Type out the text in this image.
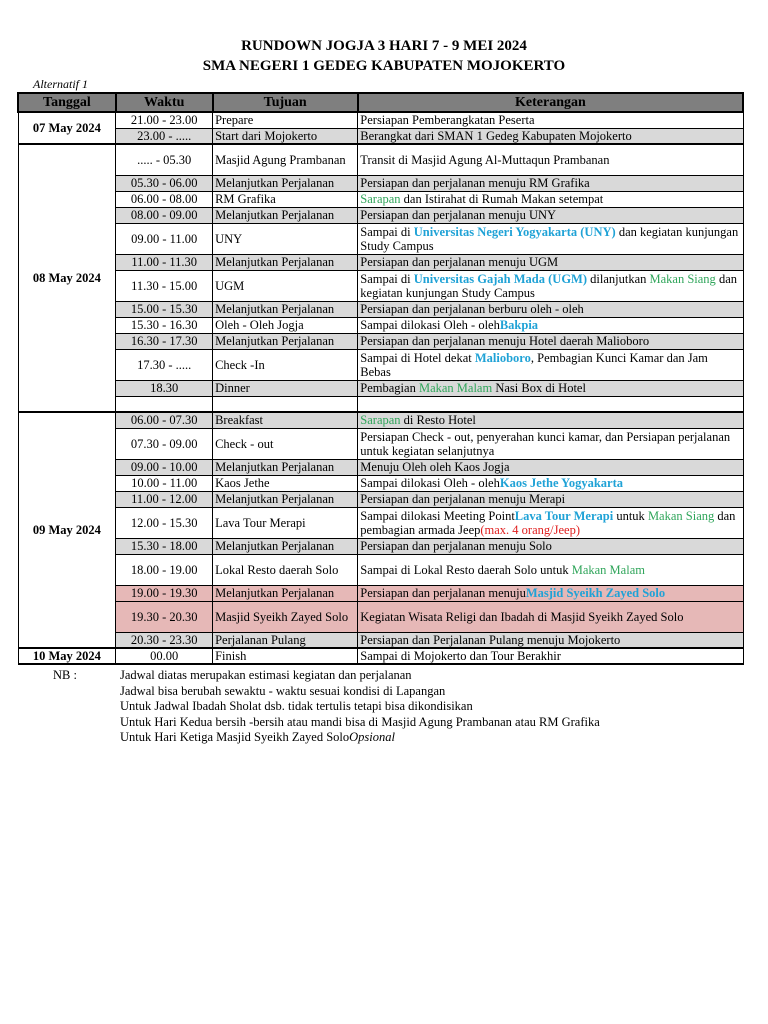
RUNDOWN JOGJA 3 HARI 7 - 9 MEI 2024
SMA NEGERI 1 GEDEG KABUPATEN MOJOKERTO
Alternatif 1
Tanggal	Waktu	Tujuan	Keterangan
07 May 2024	21.00 - 23.00	Prepare	Persiapan Pemberangkatan Peserta
	23.00 - .....	Start dari Mojokerto	Berangkat dari SMAN 1 Gedeg Kabupaten Mojokerto
08 May 2024	..... - 05.30	Masjid Agung Prambanan	Transit di Masjid Agung Al-Muttaqun Prambanan
	05.30 - 06.00	Melanjutkan Perjalanan	Persiapan dan perjalanan menuju RM Grafika
	06.00 - 08.00	RM Grafika	Sarapan dan Istirahat di Rumah Makan setempat
	08.00 - 09.00	Melanjutkan Perjalanan	Persiapan dan perjalanan menuju UNY
	09.00 - 11.00	UNY	Sampai di Universitas Negeri Yogyakarta (UNY) dan kegiatan kunjungan Study Campus
	11.00 - 11.30	Melanjutkan Perjalanan	Persiapan dan perjalanan menuju UGM
	11.30 - 15.00	UGM	Sampai di Universitas Gajah Mada (UGM) dilanjutkan Makan Siang dan kegiatan kunjungan Study Campus
	15.00 - 15.30	Melanjutkan Perjalanan	Persiapan dan perjalanan berburu oleh - oleh
	15.30 - 16.30	Oleh - Oleh Jogja	Sampai dilokasi Oleh - olehBakpia
	16.30 - 17.30	Melanjutkan Perjalanan	Persiapan dan perjalanan menuju Hotel daerah Malioboro
	17.30 - .....	Check -In	Sampai di Hotel dekat Malioboro, Pembagian Kunci Kamar dan Jam Bebas
	18.30	Dinner	Pembagian Makan Malam Nasi Box di Hotel

09 May 2024	06.00 - 07.30	Breakfast	Sarapan di Resto Hotel
	07.30 - 09.00	Check - out	Persiapan Check - out, penyerahan kunci kamar, dan Persiapan perjalanan untuk kegiatan selanjutnya
	09.00 - 10.00	Melanjutkan Perjalanan	Menuju Oleh oleh Kaos Jogja
	10.00 - 11.00	Kaos Jethe	Sampai dilokasi Oleh - olehKaos Jethe Yogyakarta
	11.00 - 12.00	Melanjutkan Perjalanan	Persiapan dan perjalanan menuju Merapi
	12.00 - 15.30	Lava Tour Merapi	Sampai dilokasi Meeting PointLava Tour Merapi untuk Makan Siang dan pembagian armada Jeep(max. 4 orang/Jeep)
	15.30 - 18.00	Melanjutkan Perjalanan	Persiapan dan perjalanan menuju Solo
	18.00 - 19.00	Lokal Resto daerah Solo	Sampai di Lokal Resto daerah Solo untuk Makan Malam
	19.00 - 19.30	Melanjutkan Perjalanan	Persiapan dan perjalanan menujuMasjid Syeikh Zayed Solo
	19.30 - 20.30	Masjid Syeikh Zayed Solo	Kegiatan Wisata Religi dan Ibadah di Masjid Syeikh Zayed Solo
	20.30 - 23.30	Perjalanan Pulang	Persiapan dan Perjalanan Pulang menuju Mojokerto
10 May 2024	00.00	Finish	Sampai di Mojokerto dan Tour Berakhir
NB :	Jadwal diatas merupakan estimasi kegiatan dan perjalanan
Jadwal bisa berubah sewaktu - waktu sesuai kondisi di Lapangan
Untuk Jadwal Ibadah Sholat dsb. tidak tertulis tetapi bisa dikondisikan
Untuk Hari Kedua bersih -bersih atau mandi bisa di Masjid Agung Prambanan atau RM Grafika
Untuk Hari Ketiga Masjid Syeikh Zayed SoloOpsional
